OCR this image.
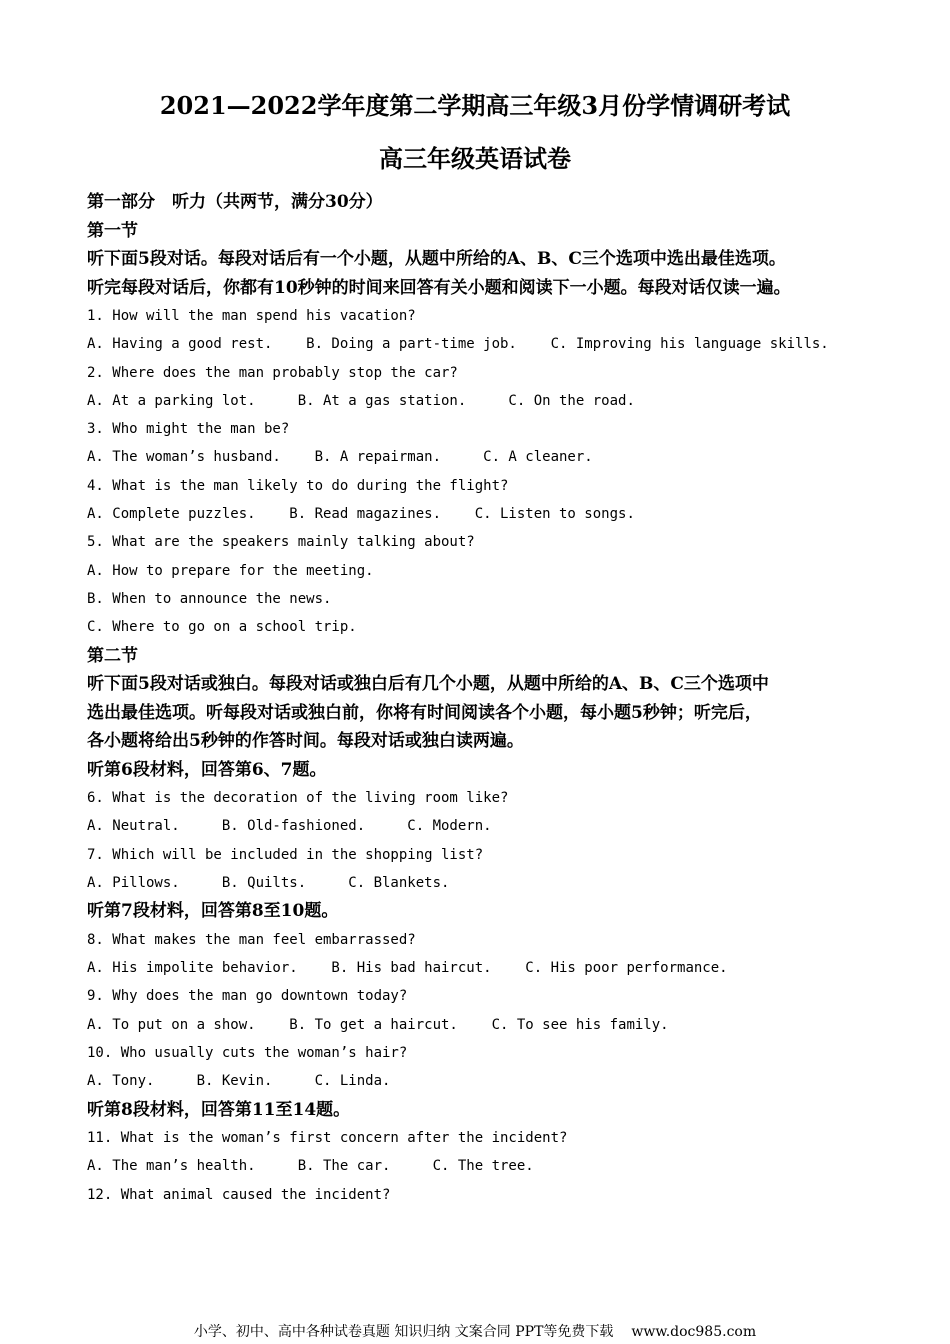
2021—2022学年度第二学期高三年级3月份学情调研考试
高三年级英语试卷
第一部分　听力（共两节，满分30分）
第一节
听下面5段对话。每段对话后有一个小题，从题中所给的A、B、C三个选项中选出最佳选项。
听完每段对话后，你都有10秒钟的时间来回答有关小题和阅读下一小题。每段对话仅读一遍。
1. How will the man spend his vacation?
A. Having a good rest.    B. Doing a part-time job.    C. Improving his language skills.
2. Where does the man probably stop the car?
A. At a parking lot.     B. At a gas station.     C. On the road.
3. Who might the man be?
A. The woman’s husband.    B. A repairman.     C. A cleaner.
4. What is the man likely to do during the flight?
A. Complete puzzles.    B. Read magazines.    C. Listen to songs.
5. What are the speakers mainly talking about?
A. How to prepare for the meeting.
B. When to announce the news.
C. Where to go on a school trip.
第二节
听下面5段对话或独白。每段对话或独白后有几个小题，从题中所给的A、B、C三个选项中
选出最佳选项。听每段对话或独白前，你将有时间阅读各个小题，每小题5秒钟；听完后，
各小题将给出5秒钟的作答时间。每段对话或独白读两遍。
听第6段材料，回答第6、7题。
6. What is the decoration of the living room like?
A. Neutral.     B. Old-fashioned.     C. Modern.
7. Which will be included in the shopping list?
A. Pillows.     B. Quilts.     C. Blankets.
听第7段材料，回答第8至10题。
8. What makes the man feel embarrassed?
A. His impolite behavior.    B. His bad haircut.    C. His poor performance.
9. Why does the man go downtown today?
A. To put on a show.    B. To get a haircut.    C. To see his family.
10. Who usually cuts the woman’s hair?
A. Tony.     B. Kevin.     C. Linda.
听第8段材料，回答第11至14题。
11. What is the woman’s first concern after the incident?
A. The man’s health.     B. The car.     C. The tree.
12. What animal caused the incident?
小学、初中、高中各种试卷真题 知识归纳 文案合同 PPT等免费下载 www.doc985.com
